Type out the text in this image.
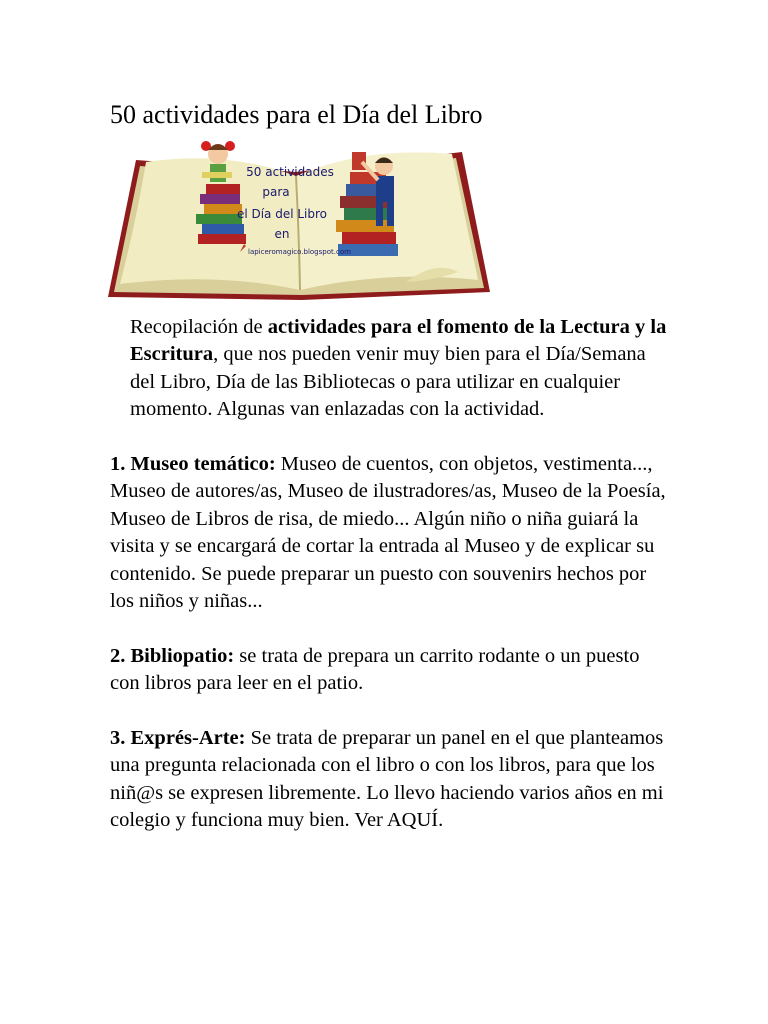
50 actividades para el Día del Libro
50 actividades
para
el Día del Libro
en
lapiceromagico.blogspot.com

Recopilación de actividades para el fomento de la Lectura y la Escritura, que nos pueden venir muy bien para el Día/Semana del Libro, Día de las Bibliotecas o para utilizar en cualquier momento. Algunas van enlazadas con la actividad.

1. Museo temático: Museo de cuentos, con objetos, vestimenta..., Museo de autores/as, Museo de ilustradores/as, Museo de la Poesía, Museo de Libros de risa, de miedo... Algún niño o niña guiará la visita y se encargará de cortar la entrada al Museo y de explicar su contenido. Se puede preparar un puesto con souvenirs hechos por los niños y niñas...

2. Bibliopatio: se trata de prepara un carrito rodante o un puesto con libros para leer en el patio.

3. Exprés-Arte: Se trata de preparar un panel en el que planteamos una pregunta relacionada con el libro o con los libros, para que los niñ@s se expresen libremente. Lo llevo haciendo varios años en mi colegio y funciona muy bien. Ver AQUÍ.
